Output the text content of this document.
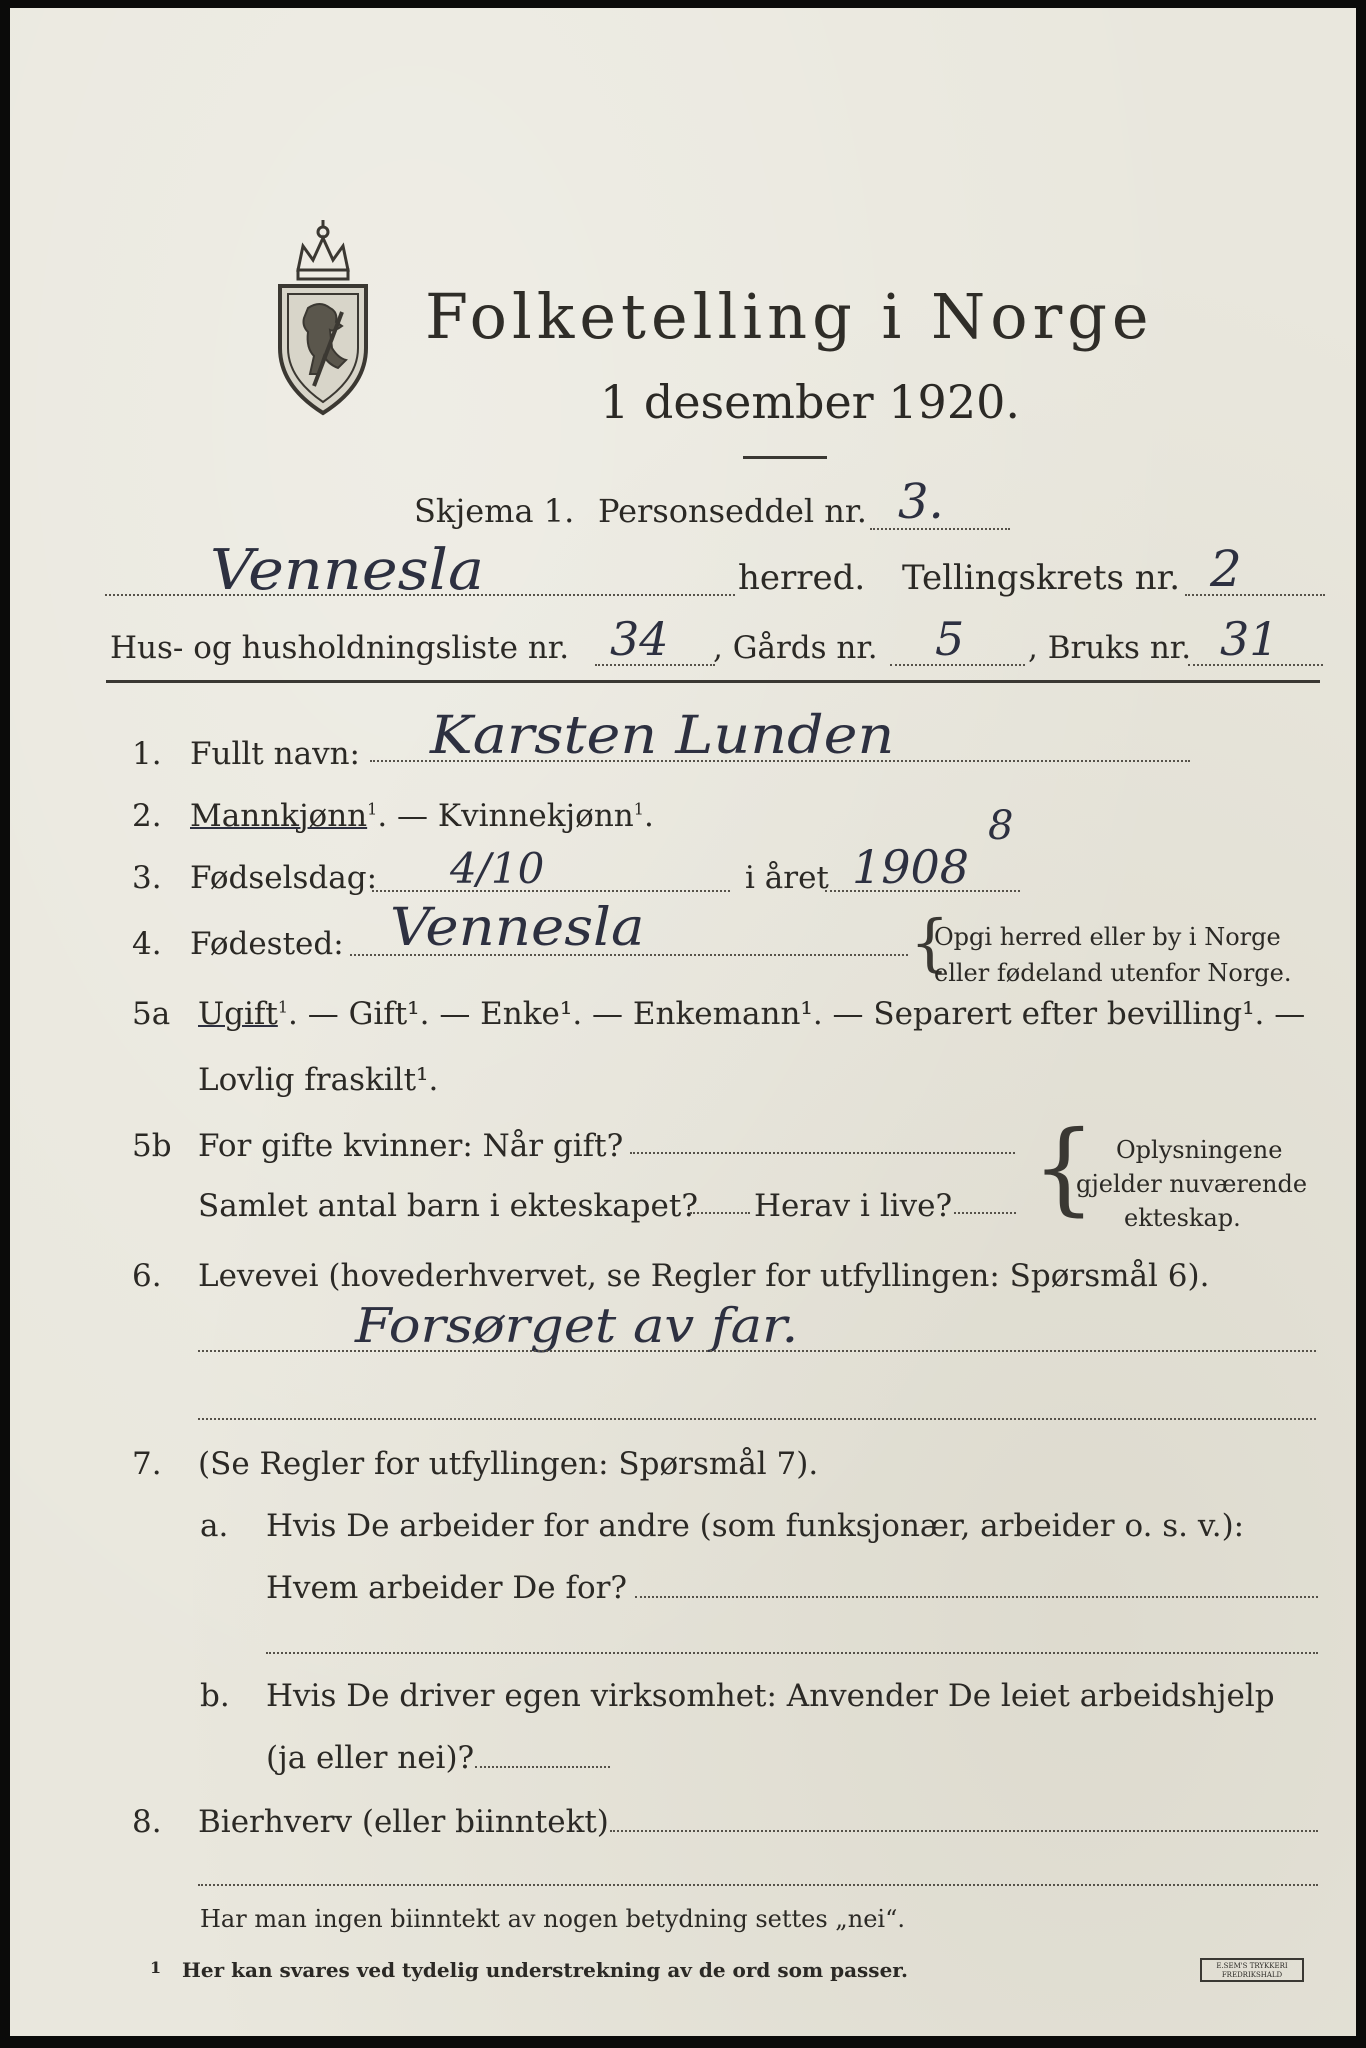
Folketelling i Norge
1 desember 1920.
Skjema 1. Personseddel nr. 3.
Vennesla	herred. Tellingskrets nr. 2
Hus- og husholdningsliste nr. 34 , Gårds nr. 5 , Bruks nr. 31
1. Fullt navn: Karsten Lunden
2. Mannkjønn$^1$. — Kvinnekjønn$^1$.
3. Fødselsdag: 4/10	i året 1908
8
4. Fødested: Vennesla	{
Opgi herred eller by i Norge
eller fødeland utenfor Norge.
5a Ugift$^1$. — Gift¹. — Enke¹. — Enkemann¹. — Separert efter bevilling¹. —
Lovlig fraskilt¹.
5b For gifte kvinner: Når gift?
Samlet antal barn i ekteskapet? Herav i live? { Oplysningene
gjelder nuværende
ekteskap.
6. Levevei (hovederhvervet, se Regler for utfyllingen: Spørsmål 6).
Forsørget av far.
7. (Se Regler for utfyllingen: Spørsmål 7).
a. Hvis De arbeider for andre (som funksjonær, arbeider o. s. v.):
Hvem arbeider De for?
b. Hvis De driver egen virksomhet: Anvender De leiet arbeidshjelp
(ja eller nei)?
8. Bierhverv (eller biinntekt)
Har man ingen biinntekt av nogen betydning settes „nei“.
1 Her kan svares ved tydelig understrekning av de ord som passer.	E.SEM'S TRYKKERI
FREDRIKSHALD
